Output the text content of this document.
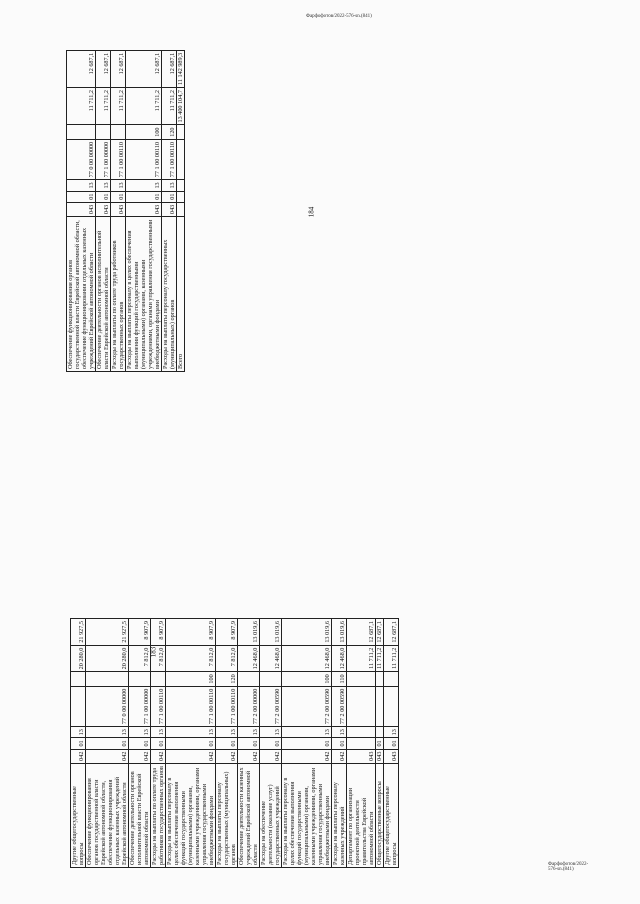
183
Другие общегосударственные вопросы	042	01	13			20 280,0	21 927,5
Обеспечение функционирования органов государственной власти Еврейской автономной области, обеспечение функционирования отдельных казенных учреждений Еврейской автономной области	042	01	13	77 0 00 00000		20 280,0	21 927,5
Обеспечение деятельности органов исполнительной власти Еврейской автономной области	042	01	13	77 1 00 00000		7 812,0	8 907,9
Расходы на выплаты по оплате труда работников государственных органов	042	01	13	77 1 00 00110		7 812,0	8 907,9
Расходы на выплаты персоналу в целях обеспечения выполнения функций государственными (муниципальными) органами, казенными учреждениями, органами управления государственными внебюджетными фондами	042	01	13	77 1 00 00110	100	7 812,0	8 907,9
Расходы на выплаты персоналу государственных (муниципальных) органов	042	01	13	77 1 00 00110	120	7 812,0	8 907,9
Обеспечение деятельности казенных учреждений Еврейской автономной области	042	01	13	77 2 00 00000		12 468,0	13 019,6
Расходы на обеспечение деятельности (оказание услуг) государственных учреждений	042	01	13	77 2 00 00590		12 468,0	13 019,6
Расходы на выплаты персоналу в целях обеспечения выполнения функций государственными (муниципальными) органами, казенными учреждениями, органами управления государственными внебюджетными фондами	042	01	13	77 2 00 00590	100	12 468,0	13 019,6
Расходы на выплаты персоналу казенных учреждений	042	01	13	77 2 00 00590	110	12 468,0	13 019,6
Департамент по организации проектной деятельности правительства Еврейской автономной области	043					11 711,2	12 687,1
Общегосударственные вопросы	043	01				11 711,2	12 687,1
Другие общегосударственные вопросы	043	01	13			11 711,2	12 687,1
Фарфофотов/2022-576-sn.(841)
184
Обеспечение функционирования органов государственной власти Еврейской автономной области, обеспечение функционирования отдельных казенных учреждений Еврейской автономной области	043	01	13	77 0 00 00000		11 711,2	12 687,1
Обеспечение деятельности органов исполнительной власти Еврейской автономной области	043	01	13	77 1 00 00000		11 711,2	12 687,1
Расходы на выплаты по оплате труда работников государственных органов	043	01	13	77 1 00 00110		11 711,2	12 687,1
Расходы на выплаты персоналу в целях обеспечения выполнения функций государственными (муниципальными) органами, казенными учреждениями, органами управления государственными внебюджетными фондами	043	01	13	77 1 00 00110	100	11 711,2	12 687,1
Расходы на выплаты персоналу государственных (муниципальных) органов	043	01	13	77 1 00 00110	120	11 711,2	12 687,1
Всего						13 400 104,7	11 142 989,3
Фарфофотов/2022-576-sn.(841)
